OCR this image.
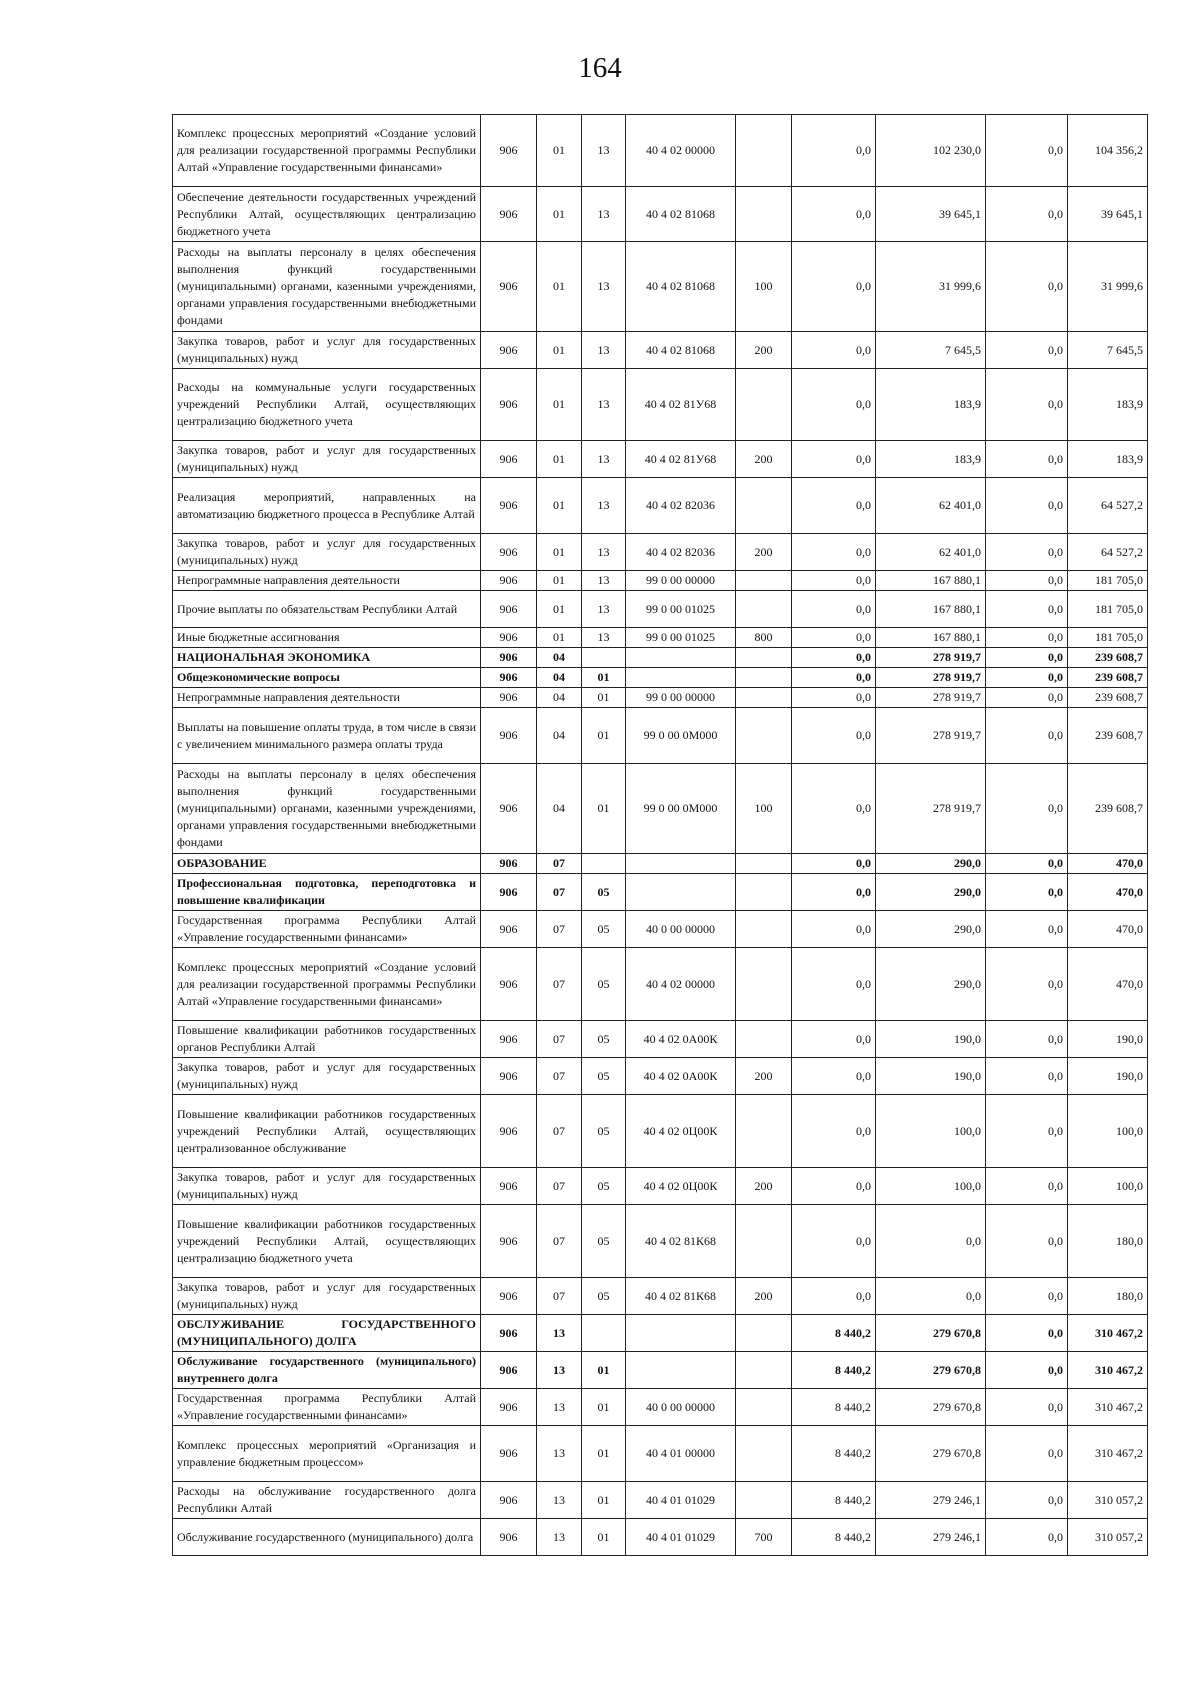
164
Комплекс процессных мероприятий «Создание условий для реализации государственной программы Республики Алтай «Управление государственными финансами»	906	01	13	40 4 02 00000		0,0	102 230,0	0,0	104 356,2
Обеспечение деятельности государственных учреждений Республики Алтай, осуществляющих централизацию бюджетного учета	906	01	13	40 4 02 81068		0,0	39 645,1	0,0	39 645,1
Расходы на выплаты персоналу в целях обеспечения выполнения функций государственными (муниципальными) органами, казенными учреждениями, органами управления государственными внебюджетными фондами	906	01	13	40 4 02 81068	100	0,0	31 999,6	0,0	31 999,6
Закупка товаров, работ и услуг для государственных (муниципальных) нужд	906	01	13	40 4 02 81068	200	0,0	7 645,5	0,0	7 645,5
Расходы на коммунальные услуги государственных учреждений Республики Алтай, осуществляющих централизацию бюджетного учета	906	01	13	40 4 02 81У68		0,0	183,9	0,0	183,9
Закупка товаров, работ и услуг для государственных (муниципальных) нужд	906	01	13	40 4 02 81У68	200	0,0	183,9	0,0	183,9
Реализация мероприятий, направленных на автоматизацию бюджетного процесса в Республике Алтай	906	01	13	40 4 02 82036		0,0	62 401,0	0,0	64 527,2
Закупка товаров, работ и услуг для государственных (муниципальных) нужд	906	01	13	40 4 02 82036	200	0,0	62 401,0	0,0	64 527,2
Непрограммные направления деятельности	906	01	13	99 0 00 00000		0,0	167 880,1	0,0	181 705,0
Прочие выплаты по обязательствам Республики Алтай	906	01	13	99 0 00 01025		0,0	167 880,1	0,0	181 705,0
Иные бюджетные ассигнования	906	01	13	99 0 00 01025	800	0,0	167 880,1	0,0	181 705,0
НАЦИОНАЛЬНАЯ ЭКОНОМИКА	906	04				0,0	278 919,7	0,0	239 608,7
Общеэкономические вопросы	906	04	01			0,0	278 919,7	0,0	239 608,7
Непрограммные направления деятельности	906	04	01	99 0 00 00000		0,0	278 919,7	0,0	239 608,7
Выплаты на повышение оплаты труда, в том числе в связи с увеличением минимального размера оплаты труда	906	04	01	99 0 00 0М000		0,0	278 919,7	0,0	239 608,7
Расходы на выплаты персоналу в целях обеспечения выполнения функций государственными (муниципальными) органами, казенными учреждениями, органами управления государственными внебюджетными фондами	906	04	01	99 0 00 0М000	100	0,0	278 919,7	0,0	239 608,7
ОБРАЗОВАНИЕ	906	07				0,0	290,0	0,0	470,0
Профессиональная подготовка, переподготовка и повышение квалификации	906	07	05			0,0	290,0	0,0	470,0
Государственная программа Республики Алтай «Управление государственными финансами»	906	07	05	40 0 00 00000		0,0	290,0	0,0	470,0
Комплекс процессных мероприятий «Создание условий для реализации государственной программы Республики Алтай «Управление государственными финансами»	906	07	05	40 4 02 00000		0,0	290,0	0,0	470,0
Повышение квалификации работников государственных органов Республики Алтай	906	07	05	40 4 02 0А00К		0,0	190,0	0,0	190,0
Закупка товаров, работ и услуг для государственных (муниципальных) нужд	906	07	05	40 4 02 0А00К	200	0,0	190,0	0,0	190,0
Повышение квалификации работников государственных учреждений Республики Алтай, осуществляющих централизованное обслуживание	906	07	05	40 4 02 0Ц00К		0,0	100,0	0,0	100,0
Закупка товаров, работ и услуг для государственных (муниципальных) нужд	906	07	05	40 4 02 0Ц00К	200	0,0	100,0	0,0	100,0
Повышение квалификации работников государственных учреждений Республики Алтай, осуществляющих централизацию бюджетного учета	906	07	05	40 4 02 81К68		0,0	0,0	0,0	180,0
Закупка товаров, работ и услуг для государственных (муниципальных) нужд	906	07	05	40 4 02 81К68	200	0,0	0,0	0,0	180,0
ОБСЛУЖИВАНИЕ ГОСУДАРСТВЕННОГО (МУНИЦИПАЛЬНОГО) ДОЛГА	906	13				8 440,2	279 670,8	0,0	310 467,2
Обслуживание государственного (муниципального) внутреннего долга	906	13	01			8 440,2	279 670,8	0,0	310 467,2
Государственная программа Республики Алтай «Управление государственными финансами»	906	13	01	40 0 00 00000		8 440,2	279 670,8	0,0	310 467,2
Комплекс процессных мероприятий «Организация и управление бюджетным процессом»	906	13	01	40 4 01 00000		8 440,2	279 670,8	0,0	310 467,2
Расходы на обслуживание государственного долга Республики Алтай	906	13	01	40 4 01 01029		8 440,2	279 246,1	0,0	310 057,2
Обслуживание государственного (муниципального) долга	906	13	01	40 4 01 01029	700	8 440,2	279 246,1	0,0	310 057,2
